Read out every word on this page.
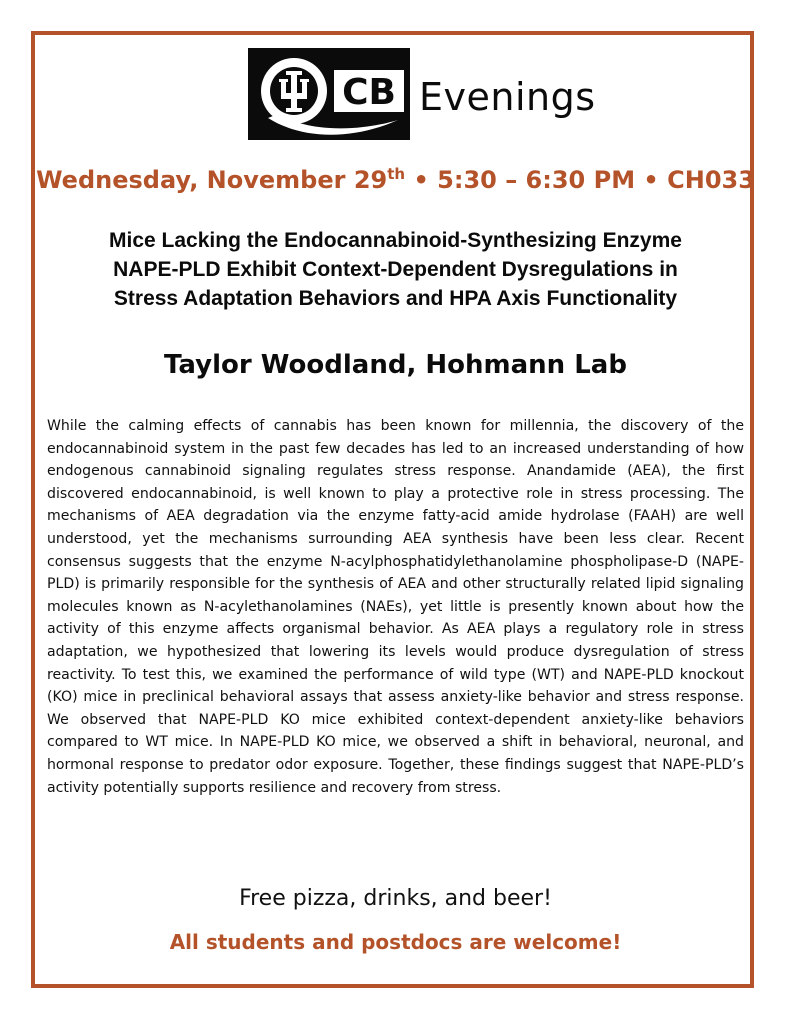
CB Evenings
Wednesday, November 29th • 5:30 – 6:30 PM • CH033
Mice Lacking the Endocannabinoid-Synthesizing Enzyme
NAPE-PLD Exhibit Context-Dependent Dysregulations in
Stress Adaptation Behaviors and HPA Axis Functionality
Taylor Woodland, Hohmann Lab

While the calming effects of cannabis has been known for millennia, the discovery of the endocannabinoid system in the past few decades has led to an increased understanding of how endogenous cannabinoid signaling regulates stress response. Anandamide (AEA), the first discovered endocannabinoid, is well known to play a protective role in stress processing. The mechanisms of AEA degradation via the enzyme fatty-acid amide hydrolase (FAAH) are well understood, yet the mechanisms surrounding AEA synthesis have been less clear. Recent consensus suggests that the enzyme N-acylphosphatidylethanolamine phospholipase-D (NAPE-PLD) is primarily responsible for the synthesis of AEA and other structurally related lipid signaling molecules known as N-acylethanolamines (NAEs), yet little is presently known about how the activity of this enzyme affects organismal behavior. As AEA plays a regulatory role in stress adaptation, we hypothesized that lowering its levels would produce dysregulation of stress reactivity. To test this, we examined the performance of wild type (WT) and NAPE-PLD knockout (KO) mice in preclinical behavioral assays that assess anxiety-like behavior and stress response. We observed that NAPE-PLD KO mice exhibited context-dependent anxiety-like behaviors compared to WT mice. In NAPE-PLD KO mice, we observed a shift in behavioral, neuronal, and hormonal response to predator odor exposure. Together, these findings suggest that NAPE-PLD’s activity potentially supports resilience and recovery from stress.

Free pizza, drinks, and beer!
All students and postdocs are welcome!
